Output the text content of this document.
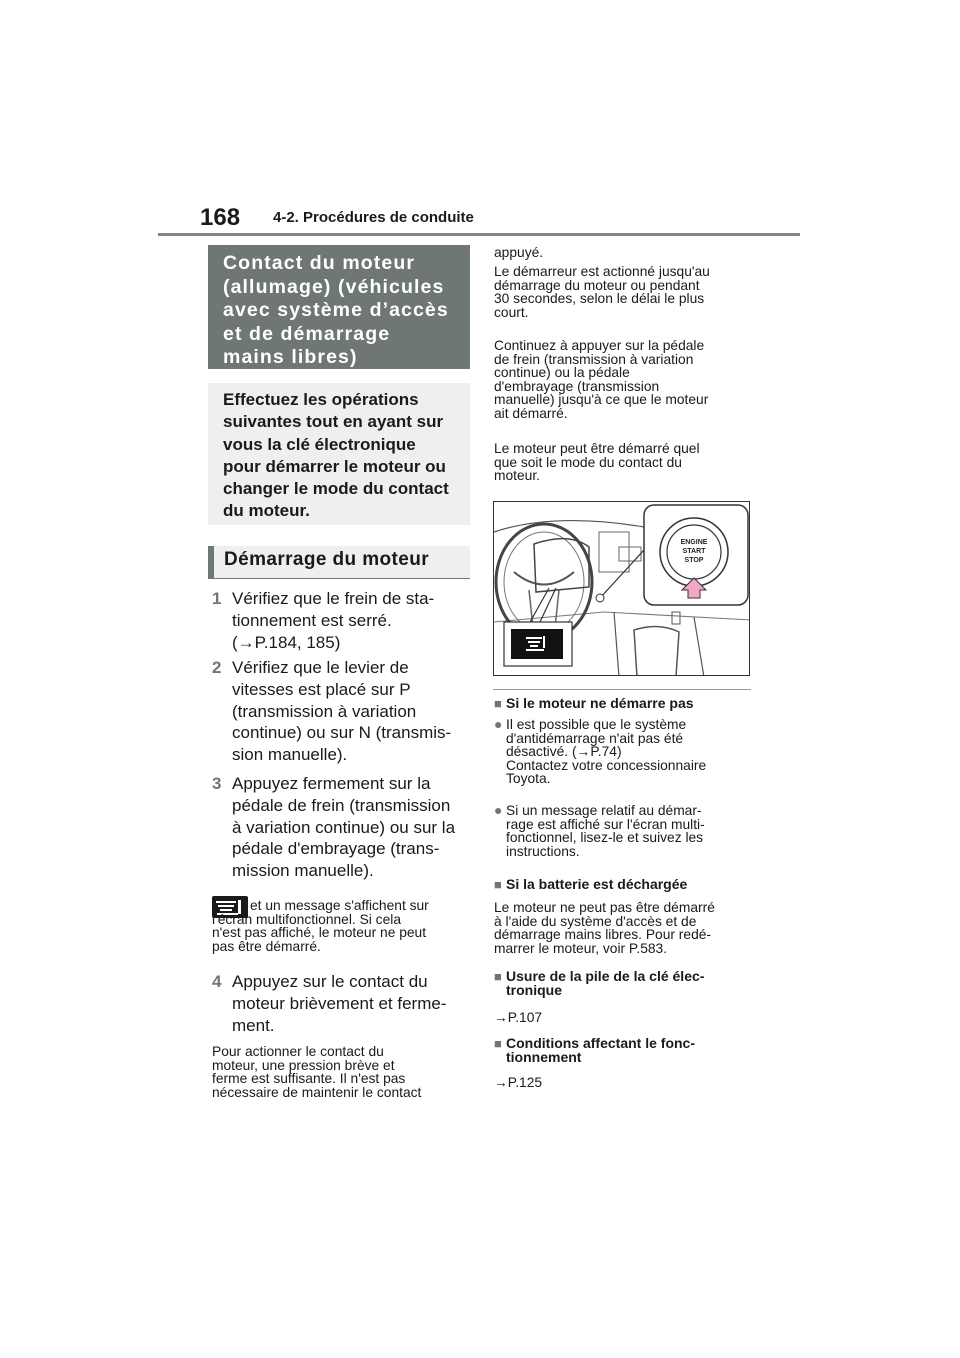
168 4-2. Procédures de conduite
Contact du moteur
(allumage) (véhicules
avec système d’accès
et de démarrage
mains libres)
Effectuez les opérations
suivantes tout en ayant sur
vous la clé électronique
pour démarrer le moteur ou
changer le mode du contact
du moteur.
Démarrage du moteur
1 Vérifiez que le frein de sta-
tionnement est serré.
(→P.184, 185)
2 Vérifiez que le levier de
vitesses est placé sur P
(transmission à variation
continue) ou sur N (transmis-
sion manuelle).
3 Appuyez fermement sur la
pédale de frein (transmission
à variation continue) ou sur la
pédale d'embrayage (trans-
mission manuelle).
et un message s'affichent sur
l'écran multifonctionnel. Si cela
n'est pas affiché, le moteur ne peut
pas être démarré.
4 Appuyez sur le contact du
moteur brièvement et ferme-
ment.
Pour actionner le contact du
moteur, une pression brève et
ferme est suffisante. Il n'est pas
nécessaire de maintenir le contact
appuyé.
Le démarreur est actionné jusqu'au
démarrage du moteur ou pendant
30 secondes, selon le délai le plus
court.
Continuez à appuyer sur la pédale
de frein (transmission à variation
continue) ou la pédale
d'embrayage (transmission
manuelle) jusqu'à ce que le moteur
ait démarré.
Le moteur peut être démarré quel
que soit le mode du contact du
moteur.
ENGINE
START
STOP
■ Si le moteur ne démarre pas
● Il est possible que le système
d'antidémarrage n'ait pas été
désactivé. (→P.74)
Contactez votre concessionnaire
Toyota.
● Si un message relatif au démar-
rage est affiché sur l'écran multi-
fonctionnel, lisez-le et suivez les
instructions.
■ Si la batterie est déchargée
Le moteur ne peut pas être démarré
à l'aide du système d'accès et de
démarrage mains libres. Pour redé-
marrer le moteur, voir P.583.
■ Usure de la pile de la clé élec-
tronique
→P.107
■ Conditions affectant le fonc-
tionnement
→P.125
